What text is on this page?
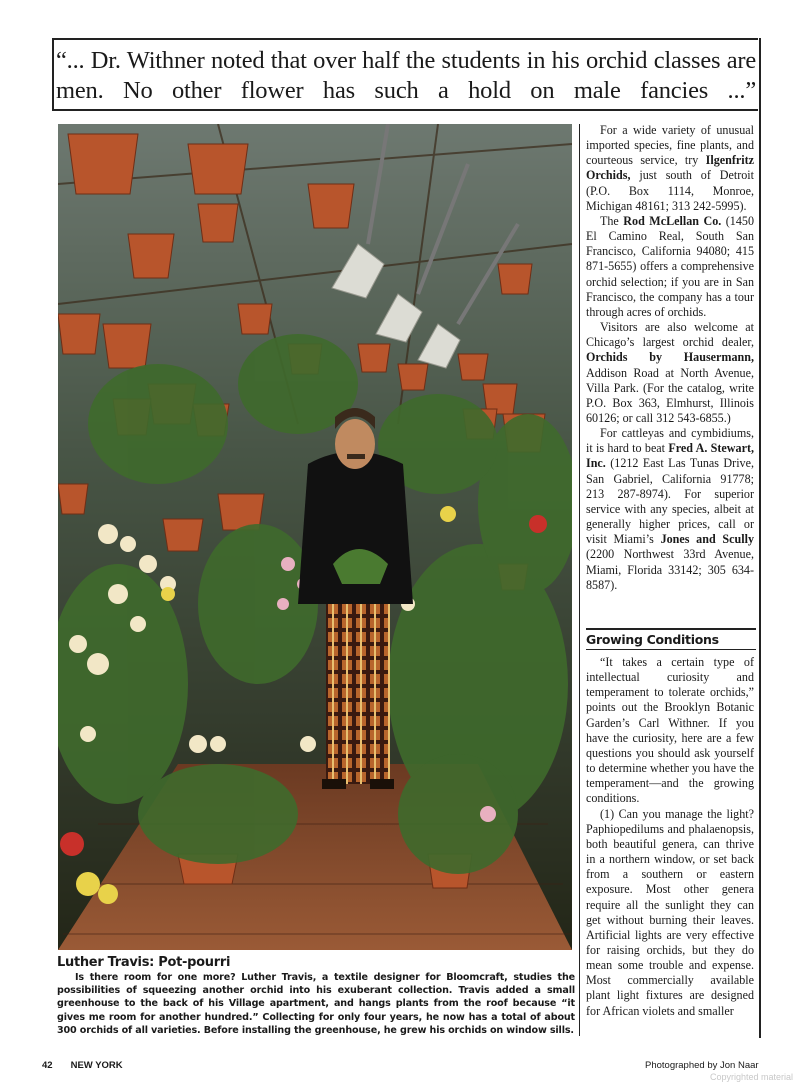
“... Dr. Withner noted that over half the students in his orchid classes are men. No other flower has such a hold on male fancies ...”
Luther Travis: Pot-pourri
Is there room for one more? Luther Travis, a textile designer for Bloomcraft, studies the possibilities of squeezing another orchid into his exuberant collection. Travis added a small greenhouse to the back of his Village apartment, and hangs plants from the roof because “it gives me room for another hundred.” Collecting for only four years, he now has a total of about 300 orchids of all varieties. Before installing the greenhouse, he grew his orchids on window sills.

For a wide variety of unusual imported species, fine plants, and courteous service, try Ilgenfritz Orchids, just south of Detroit (P.O. Box 1114, Monroe, Michigan 48161; 313 242-5995).

The Rod McLellan Co. (1450 El Camino Real, South San Francisco, California 94080; 415 871-5655) offers a comprehensive orchid selection; if you are in San Francisco, the company has a tour through acres of orchids.

Visitors are also welcome at Chicago’s largest orchid dealer, Orchids by Hausermann, Addison Road at North Avenue, Villa Park. (For the catalog, write P.O. Box 363, Elmhurst, Illinois 60126; or call 312 543-6855.)

For cattleyas and cymbidiums, it is hard to beat Fred A. Stewart, Inc. (1212 East Las Tunas Drive, San Gabriel, California 91778; 213 287-8974). For superior service with any species, albeit at generally higher prices, call or visit Miami’s Jones and Scully (2200 Northwest 33rd Avenue, Miami, Florida 33142; 305 634-8587).

Growing Conditions

“It takes a certain type of intellectual curiosity and temperament to tolerate orchids,” points out the Brooklyn Botanic Garden’s Carl Withner. If you have the curiosity, here are a few questions you should ask yourself to determine whether you have the temperament—and the growing conditions.

(1) Can you manage the light? Paphiopedilums and phalaenopsis, both beautiful genera, can thrive in a northern window, or set back from a southern or eastern exposure. Most other genera require all the sunlight they can get without burning their leaves. Artificial lights are very effective for raising orchids, but they do mean some trouble and expense. Most commercially available plant light fixtures are designed for African violets and smaller

42 NEW YORK	Photographed by Jon Naar
Copyrighted material
